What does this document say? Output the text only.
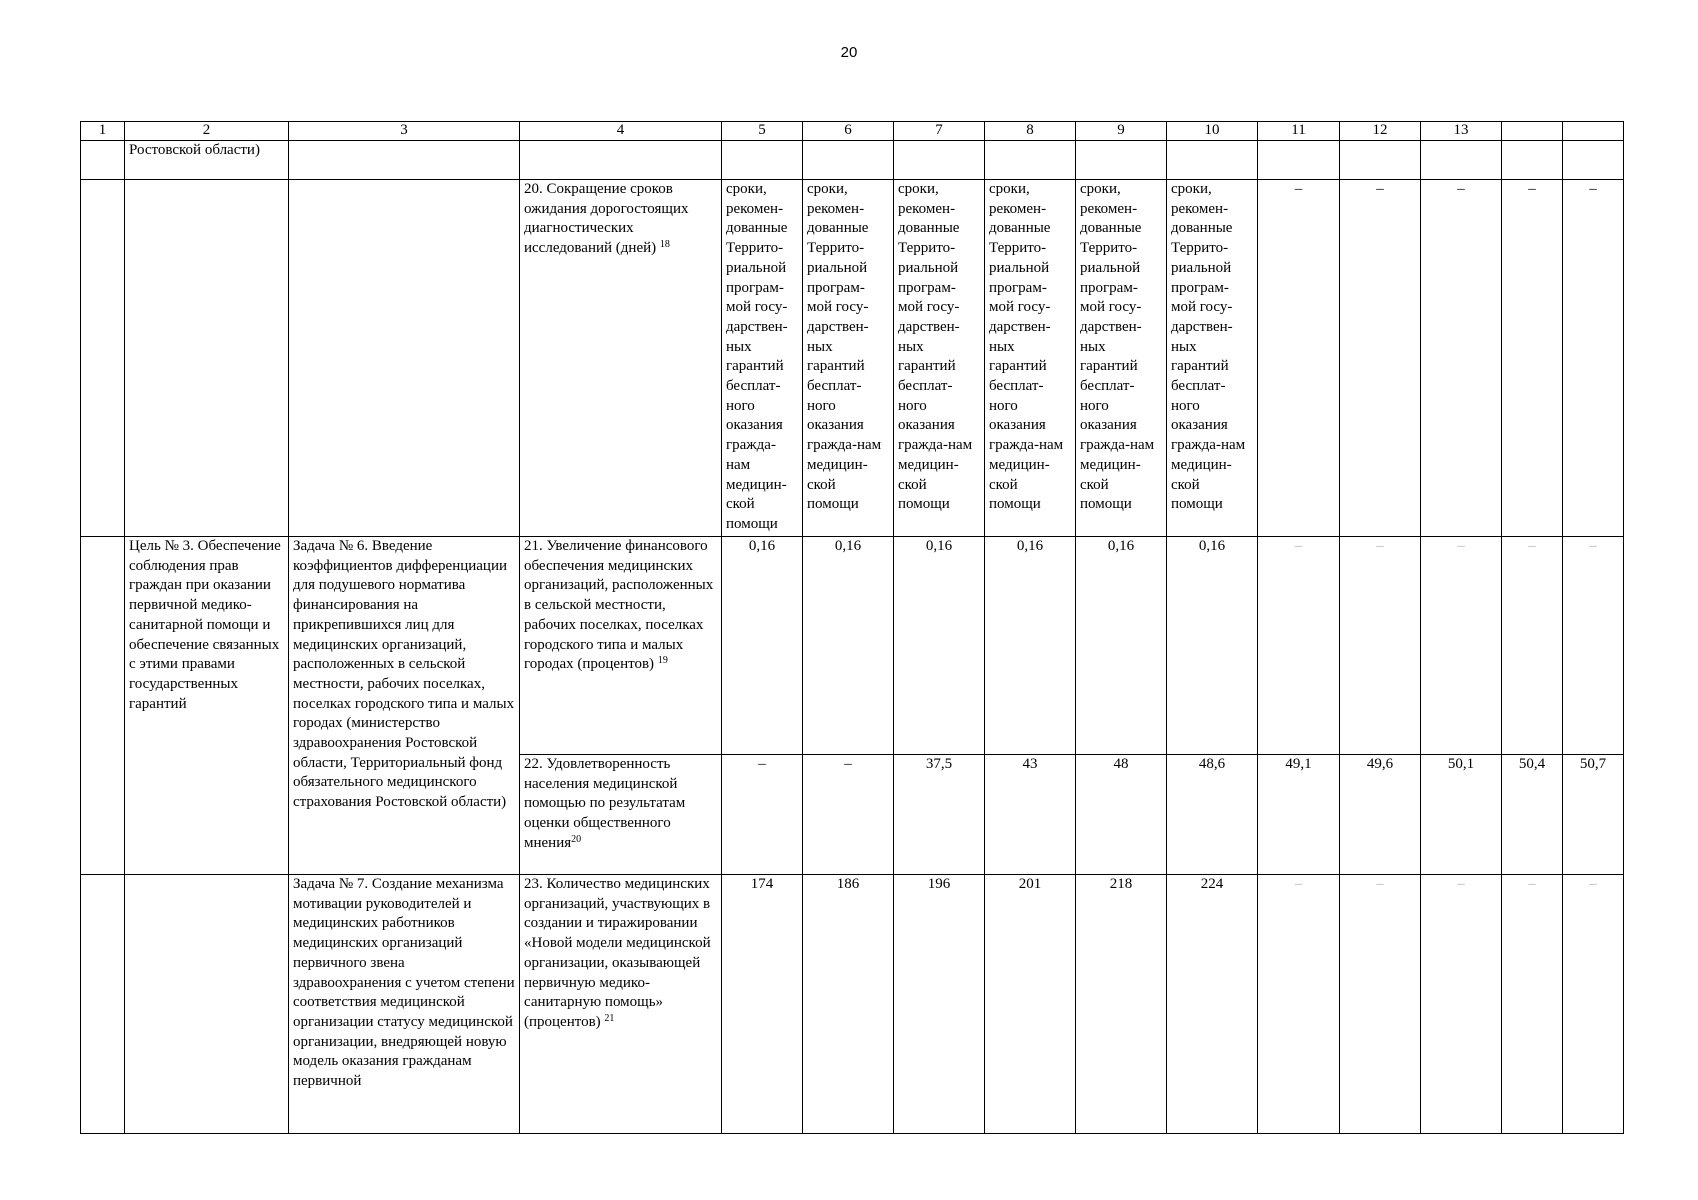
20
1	2	3	4	5	6	7	8	9	10	11	12	13		
	Ростовской области)													
			20. Сокращение сроков ожидания дорогостоящих диагностических исследований (дней) $^{18}$	сроки, рекомен-дованные Террито-риальной програм-мой госу-дарствен-ных гарантий бесплат-ного оказания гражда-нам медицин-ской помощи	сроки, рекомен-дованные Террито-риальной програм-мой госу-дарствен-ных гарантий бесплат-ного оказания гражда-нам медицин-ской помощи	сроки, рекомен-дованные Террито-риальной програм-мой госу-дарствен-ных гарантий бесплат-ного оказания гражда-нам медицин-ской помощи	сроки, рекомен-дованные Террито-риальной програм-мой госу-дарствен-ных гарантий бесплат-ного оказания гражда-нам медицин-ской помощи	сроки, рекомен-дованные Террито-риальной програм-мой госу-дарствен-ных гарантий бесплат-ного оказания гражда-нам медицин-ской помощи	сроки, рекомен-дованные Террито-риальной програм-мой госу-дарствен-ных гарантий бесплат-ного оказания гражда-нам медицин-ской помощи	–	–	–	–	–
	Цель № 3. Обеспечение соблюдения прав граждан при оказании первичной медико-санитарной помощи и обеспечение связанных с этими правами государственных гарантий	Задача № 6. Введение коэффициентов дифференциации для подушевого норматива финансирования на прикрепившихся лиц для медицинских организаций, расположенных в сельской местности, рабочих поселках, поселках городского типа и малых городах (министерство здравоохранения Ростовской области, Территориальный фонд обязательного медицинского страхования Ростовской области)	21. Увеличение финансового обеспечения медицинских организаций, расположенных в сельской местности, рабочих поселках, поселках городского типа и малых городах (процентов) $^{19}$	0,16	0,16	0,16	0,16	0,16	0,16	–	–	–	–	–
			22. Удовлетворенность населения медицинской помощью по результатам оценки общественного мнения$^{20}$	–	–	37,5	43	48	48,6	49,1	49,6	50,1	50,4	50,7
		Задача № 7. Создание механизма мотивации руководителей и медицинских работников медицинских организаций первичного звена здравоохранения с учетом степени соответствия медицинской организации статусу медицинской организации, внедряющей новую модель оказания гражданам первичной	23. Количество медицинских организаций, участвующих в создании и тиражировании «Новой модели медицинской организации, оказывающей первичную медико-санитарную помощь» (процентов) $^{21}$	174	186	196	201	218	224	–	–	–	–	–
